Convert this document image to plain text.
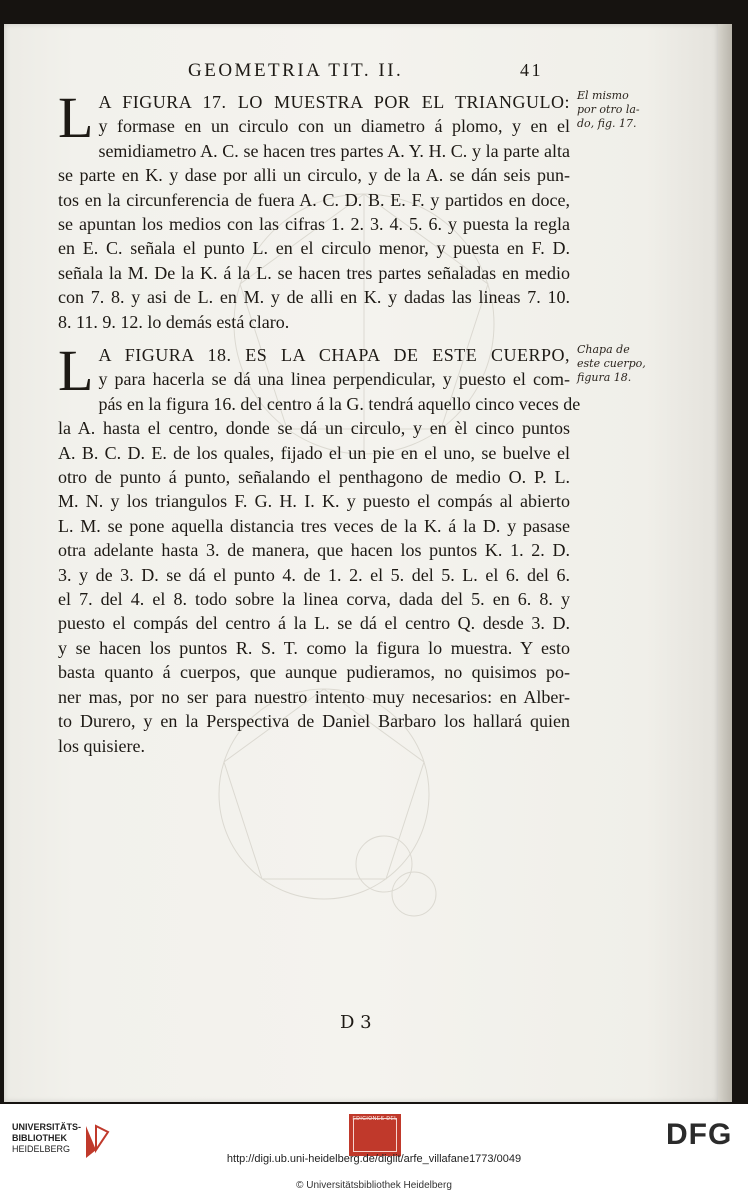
GEOMETRIA TIT. II.	41
L A FIGURA 17. LO MUESTRA POR EL TRIANGULO:
y formase en un circulo con un diametro á plomo, y en el
semidiametro A. C. se hacen tres partes A. Y. H. C. y la parte alta
se parte en K. y dase por alli un circulo, y de la A. se dán seis pun-
tos en la circunferencia de fuera A. C. D. B. E. F. y partidos en doce,
se apuntan los medios con las cifras 1. 2. 3. 4. 5. 6. y puesta la regla
en E. C. señala el punto L. en el circulo menor, y puesta en F. D.
señala la M. De la K. á la L. se hacen tres partes señaladas en medio
con 7. 8. y asi de L. en M. y de alli en K. y dadas las lineas 7. 10.
8. 11. 9. 12. lo demás está claro.
El mismo
por otro la-
do, fig. 17.
L A FIGURA 18. ES LA CHAPA DE ESTE CUERPO,
y para hacerla se dá una linea perpendicular, y puesto el com-
pás en la figura 16. del centro á la G. tendrá aquello cinco veces de
la A. hasta el centro, donde se dá un circulo, y en èl cinco puntos
A. B. C. D. E. de los quales, fijado el un pie en el uno, se buelve el
otro de punto á punto, señalando el penthagono de medio O. P. L.
M. N. y los triangulos F. G. H. I. K. y puesto el compás al abierto
L. M. se pone aquella distancia tres veces de la K. á la D. y pasase
otra adelante hasta 3. de manera, que hacen los puntos K. 1. 2. D.
3. y de 3. D. se dá el punto 4. de 1. 2. el 5. del 5. L. el 6. del 6.
el 7. del 4. el 8. todo sobre la linea corva, dada del 5. en 6. 8. y
puesto el compás del centro á la L. se dá el centro Q. desde 3. D.
y se hacen los puntos R. S. T. como la figura lo muestra. Y esto
basta quanto á cuerpos, que aunque pudieramos, no quisimos po-
ner mas, por no ser para nuestro intento muy necesarios: en Alber-
to Durero, y en la Perspectiva de Daniel Barbaro los hallará quien
los quisiere.
Chapa de
este cuerpo,
figura 18.
D 3
UNIVERSITÄTS-
BIBLIOTHEK
HEIDELBERG
EDICIONES DEL	DFG
http://digi.ub.uni-heidelberg.de/diglit/arfe_villafane1773/0049
© Universitätsbibliothek Heidelberg
